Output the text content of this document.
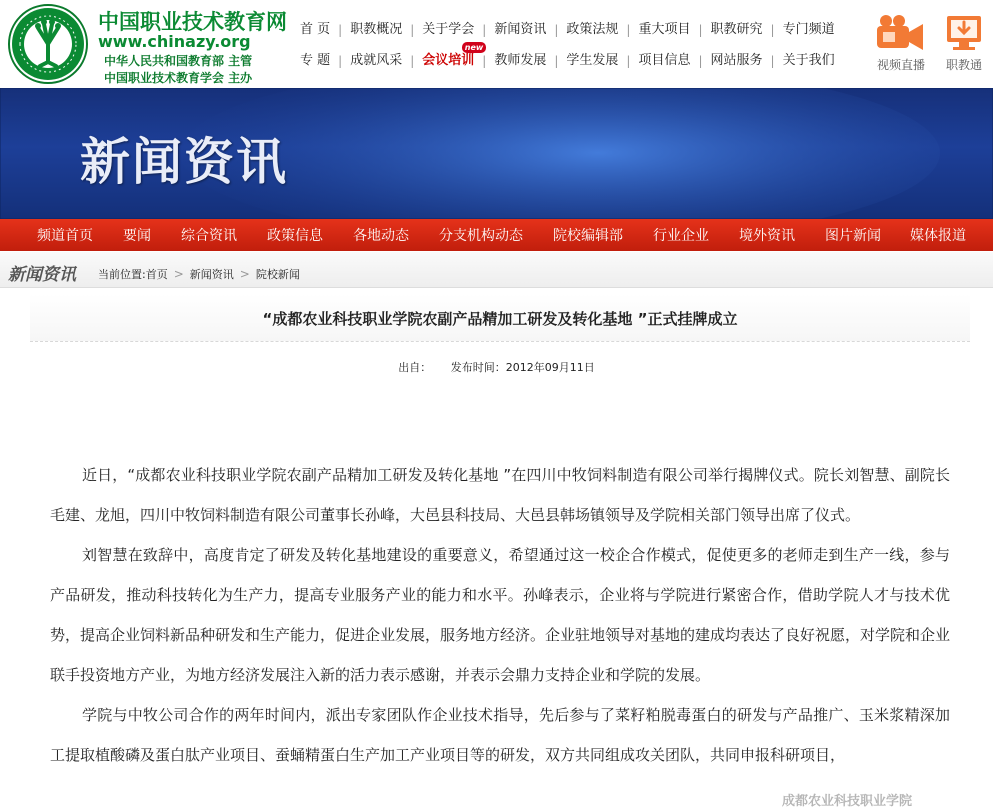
中国职业技术教育网
www.chinazy.org
中华人民共和国教育部 主管
中国职业技术教育学会 主办
首 页 | 职教概况 | 关于学会 | 新闻资讯 | 政策法规 | 重大项目 | 职教研究 | 专门频道
专 题 | 成就风采 | 会议培训
new
| 教师发展 | 学生发展 | 项目信息 | 网站服务 | 关于我们	视频直播	职教通
新闻资讯
频道首页 要闻 综合资讯 政策信息 各地动态 分支机构动态 院校编辑部 行业企业 境外资讯 图片新闻 媒体报道
新闻资讯 当前位置: 首页 > 新闻资讯 > 院校新闻
“成都农业科技职业学院农副产品精加工研发及转化基地 ”正式挂牌成立
出自： 发布时间：2012年09月11日

近日，“成都农业科技职业学院农副产品精加工研发及转化基地 ”在四川中牧饲料制造有限公司举行揭牌仪式。院长刘智慧、副院长毛建、龙旭，四川中牧饲料制造有限公司董事长孙峰，大邑县科技局、大邑县韩场镇领导及学院相关部门领导出席了仪式。

刘智慧在致辞中，高度肯定了研发及转化基地建设的重要意义，希望通过这一校企合作模式，促使更多的老师走到生产一线，参与产品研发，推动科技转化为生产力，提高专业服务产业的能力和水平。孙峰表示，企业将与学院进行紧密合作，借助学院人才与技术优势，提高企业饲料新品种研发和生产能力，促进企业发展，服务地方经济。企业驻地领导对基地的建成均表达了良好祝愿，对学院和企业联手投资地方产业，为地方经济发展注入新的活力表示感谢，并表示会鼎力支持企业和学院的发展。

学院与中牧公司合作的两年时间内，派出专家团队作企业技术指导，先后参与了菜籽粕脱毒蛋白的研发与产品推广、玉米浆精深加工提取植酸磷及蛋白肽产业项目、蚕蛹精蛋白生产加工产业项目等的研发，双方共同组成攻关团队，共同申报科研项目，

成都农业科技职业学院
